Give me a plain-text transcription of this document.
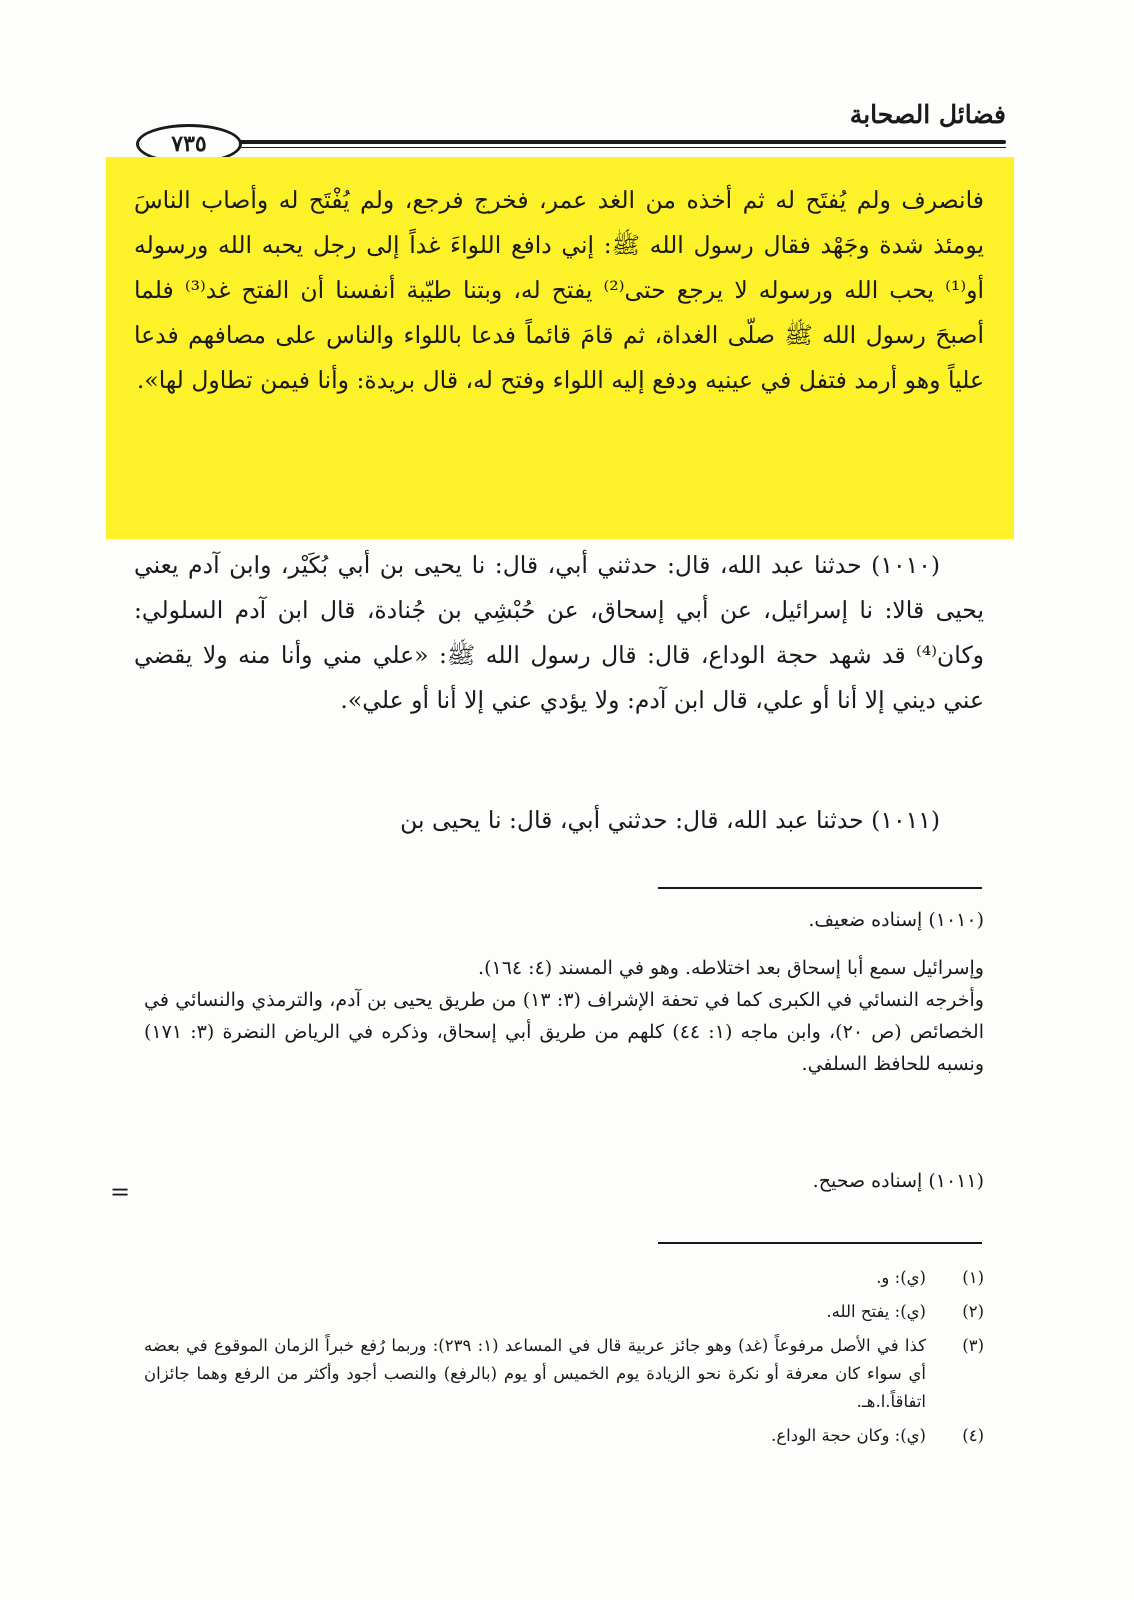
فضائل الصحابة
٧٣٥

فانصرف ولم يُفتَح له ثم أخذه من الغد عمر، فخرج فرجع، ولم يُفْتَح له وأصاب الناسَ يومئذ شدة وجَهْد فقال رسول الله ﷺ: إني دافع اللواءَ غداً إلى رجل يحبه الله ورسوله أو⁽¹⁾ يحب الله ورسوله لا يرجع حتى⁽²⁾ يفتح له، وبتنا طيّبة أنفسنا أن الفتح غد⁽³⁾ فلما أصبحَ رسول الله ﷺ صلّى الغداة، ثم قامَ قائماً فدعا باللواء والناس على مصافهم فدعا علياً وهو أرمد فتفل في عينيه ودفع إليه اللواء وفتح له، قال بريدة: وأنا فيمن تطاول لها».

(١٠١٠) حدثنا عبد الله، قال: حدثني أبي، قال: نا يحيى بن أبي بُكَيْر، وابن آدم يعني يحيى قالا: نا إسرائيل، عن أبي إسحاق، عن حُبْشِي بن جُنادة، قال ابن آدم السلولي: وكان⁽⁴⁾ قد شهد حجة الوداع، قال: قال رسول الله ﷺ: «علي مني وأنا منه ولا يقضي عني ديني إلا أنا أو علي، قال ابن آدم: ولا يؤدي عني إلا أنا أو علي».

(١٠١١) حدثنا عبد الله، قال: حدثني أبي، قال: نا يحيى بن

(١٠١٠) إسناده ضعيف.

وإسرائيل سمع أبا إسحاق بعد اختلاطه. وهو في المسند (٤: ١٦٤).

وأخرجه النسائي في الكبرى كما في تحفة الإشراف (٣: ١٣) من طريق يحيى بن آدم، والترمذي والنسائي في الخصائص (ص ٢٠)، وابن ماجه (١: ٤٤) كلهم من طريق أبي إسحاق، وذكره في الرياض النضرة (٣: ١٧١) ونسبه للحافظ السلفي.

(١٠١١) إسناده صحيح.

=
(١)
(ي): و.
(٢)
(ي): يفتح الله.
(٣)
كذا في الأصل مرفوعاً (غد) وهو جائز عربية قال في المساعد (١: ٢٣٩): وربما رُفع خبراً الزمان الموقوع في بعضه أي سواء كان معرفة أو نكرة نحو الزيادة يوم الخميس أو يوم (بالرفع) والنصب أجود وأكثر من الرفع وهما جائزان اتفاقاً.ا.هـ.
(٤)
(ي): وكان حجة الوداع.
